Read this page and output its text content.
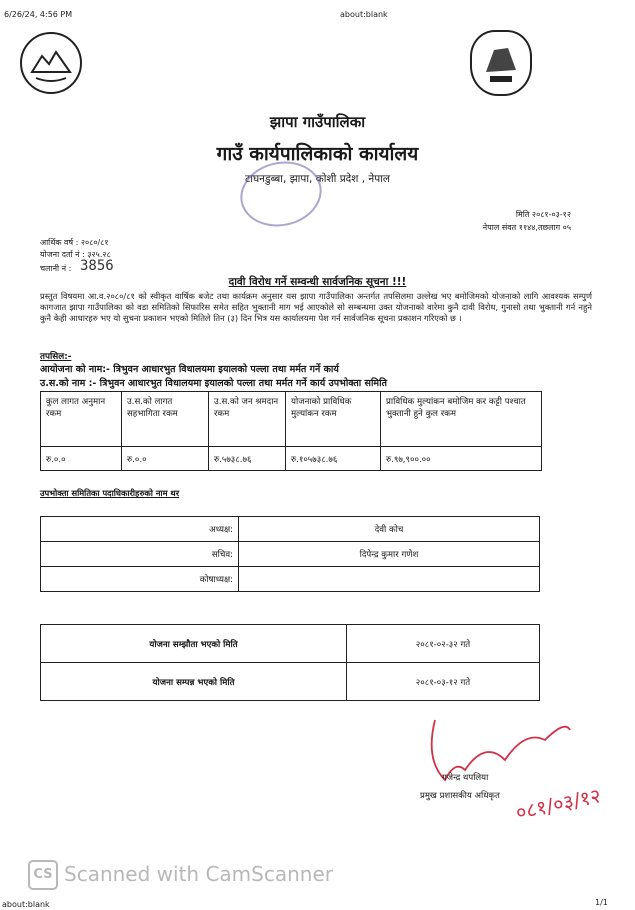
6/26/24, 4:56 PM	about:blank
झापा गाउँपालिका
गाउँ कार्यपालिकाको कार्यालय
टाघनडुब्बा, झापा, कोशी प्रदेश , नेपाल
मिति २०८१-०३-१२
नेपाल संवत ११४४,तछलाग ०५
आर्थिक वर्ष : २०८०/८१
योजना दर्ता नं : ३२५.२८
चलानी नं : 3856
दावी विरोध गर्ने सम्वन्धी सार्वजनिक सूचना !!!
प्रस्तुत विषयमा आ.व.२०८०/८१ को स्वीकृत वार्षिक बजेट तथा कार्यक्रम अनुसार यस झापा गाउँपालिका अन्तर्गत तपसिलमा उल्लेख भए बमोजिमको योजनाको लागि आवश्यक सम्पुर्ण कागजात झापा गाउँपालिका को वडा समितिको सिफारिस समेत सहित भुक्तानी माग भई आएकोले सो सम्बन्धमा उक्त योजनाको वारेमा कुनै दावी विरोध, गुनासो तथा भुक्तानी गर्न नहुने कुनै केही आधारहरु भए यो सुचना प्रकाशन भएको मितिले तिन (३) दिन भित्र यस कार्यालयमा पेश गर्न सार्वजनिक सूचना प्रकाशन गरिएको छ ।
तपसिल:-
आयोजना को नाम:- त्रिभुवन आधारभुत विधालयमा इयालको पल्ला तथा मर्मत गर्ने कार्य
उ.स.को नाम :- त्रिभुवन आधारभुत विधालयमा इयालको पल्ला तथा मर्मत गर्ने कार्य उपभोक्ता समिति
कुल लागत अनुमान रकम	उ.स.को लागत सहभागिता रकम	उ.स.को जन श्रमदान रकम	योजनाको प्राविधिक मुल्यांकन रकम	प्राविधिक मुल्यांकन बमोजिम कर कट्टी पश्चात भुक्तानी हुने कुल रकम
रु.०.०	रु.०.०	रु.५७३८.७६	रु.१०५७३८.७६	रु.९७,९००.००
उपभोक्ता समितिका पदाधिकारीहरुको नाम थर
अध्यक्ष:	देवी कोच
सचिव:	दिपेन्द्र कुमार गणेश
कोषाध्यक्ष:	
योजना सम्झौता भएको मिति	२०८१-०२-३२ गते
योजना सम्पन्न भएको मिति	२०८१-०३-१२ गते
गजेन्द्र थपलिया
प्रमुख प्रशासकीय अधिकृत ०८१/०३/१२
CS Scanned with CamScanner
about:blank	1/1
